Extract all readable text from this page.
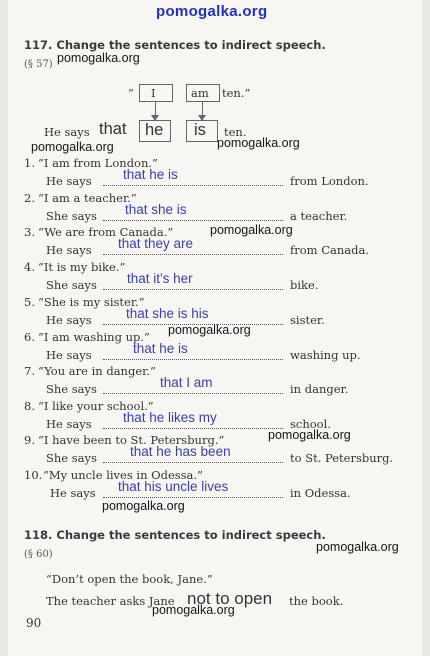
pomogalka.org
117. Change the sentences to indirect speech.
(§ 57) pomogalka.org
“ I	am ten.”
He says that he is ten.
pomogalka.org
pomogalka.org
1. “I am from London.”
He says that he is	from London.
2. “I am a teacher.”
She says that she is	a teacher.
3. “We are from Canada.”
He says that they are	from Canada.
4. “It is my bike.”
She says that it's her	bike.
5. “She is my sister.”
He says	that she is his	sister.
6. “I am washing up.”
He says	that he is	washing up.
7. “You are in danger.”
She says	that I am	in danger.
8. “I like your school.”
He says that he likes my	school.
9. “I have been to St. Petersburg.”
She says that he has been	to St. Petersburg.
10. “My uncle lives in Odessa.”
He says that his uncle lives	in Odessa.
pomogalka.org
pomogalka.org
pomogalka.org
pomogalka.org
118. Change the sentences to indirect speech.
(§ 60)
pomogalka.org
“Don’t open the book, Jane.”
The teacher asks Jane not to open the book.
pomogalka.org
90
